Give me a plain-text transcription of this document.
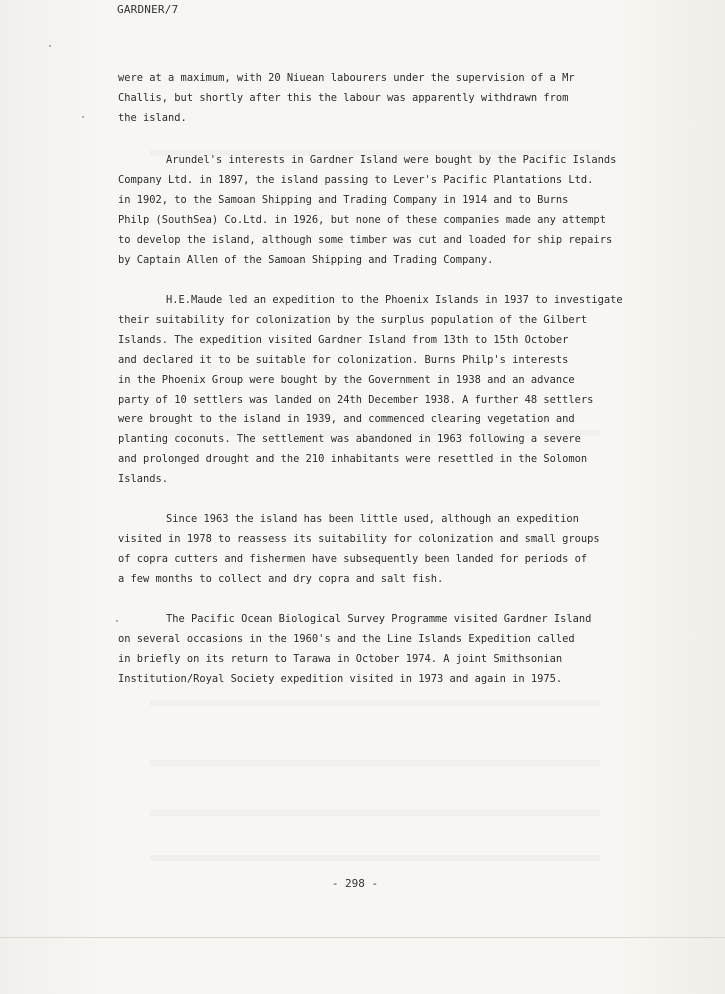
GARDNER/7
were at a maximum, with 20 Niuean labourers under the supervision of a Mr
Challis, but shortly after this the labour was apparently withdrawn from
the island.
Arundel's interests in Gardner Island were bought by the Pacific Islands
Company Ltd. in 1897, the island passing to Lever's Pacific Plantations Ltd.
in 1902, to the Samoan Shipping and Trading Company in 1914 and to Burns
Philp (SouthSea) Co.Ltd. in 1926, but none of these companies made any attempt
to develop the island, although some timber was cut and loaded for ship repairs
by Captain Allen of the Samoan Shipping and Trading Company.
H.E.Maude led an expedition to the Phoenix Islands in 1937 to investigate
their suitability for colonization by the surplus population of the Gilbert
Islands. The expedition visited Gardner Island from 13th to 15th October
and declared it to be suitable for colonization. Burns Philp's interests
in the Phoenix Group were bought by the Government in 1938 and an advance
party of 10 settlers was landed on 24th December 1938. A further 48 settlers
were brought to the island in 1939, and commenced clearing vegetation and
planting coconuts. The settlement was abandoned in 1963 following a severe
and prolonged drought and the 210 inhabitants were resettled in the Solomon
Islands.
Since 1963 the island has been little used, although an expedition
visited in 1978 to reassess its suitability for colonization and small groups
of copra cutters and fishermen have subsequently been landed for periods of
a few months to collect and dry copra and salt fish.
The Pacific Ocean Biological Survey Programme visited Gardner Island
on several occasions in the 1960's and the Line Islands Expedition called
in briefly on its return to Tarawa in October 1974. A joint Smithsonian
Institution/Royal Society expedition visited in 1973 and again in 1975.
- 298 -
